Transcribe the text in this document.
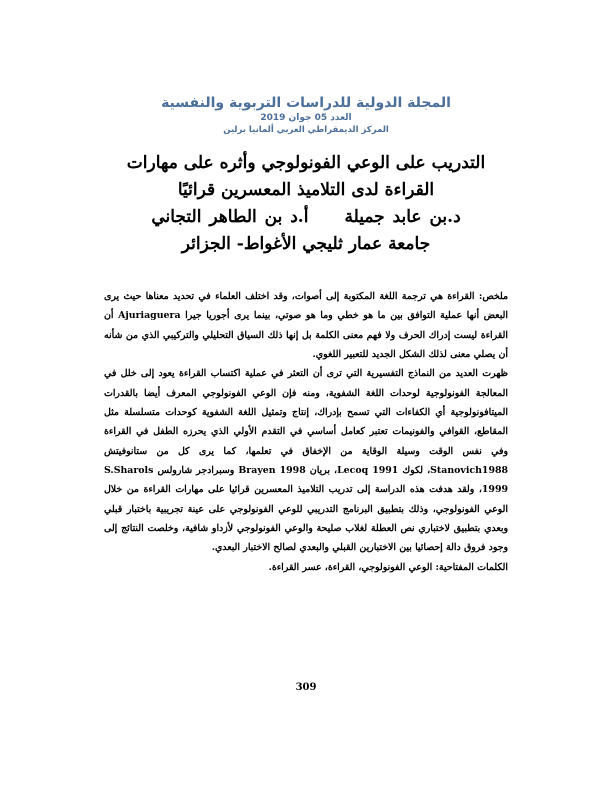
المجلة الدولية للدراسات التربوية والنفسية
العدد 05 جوان 2019
المركز الديمقراطي العربي ألمانيا برلين

التدريب على الوعي الفونولوجي وأثره على مهارات

القراءة لدى التلاميذ المعسرين قرائيًا

د.بن عابد جميلةأ.د بن الطاهر التجاني

جامعة عمار ثليجي الأغواط- الجزائر

ملخص: القراءة هي ترجمة اللغة المكتوبة إلى أصوات، وقد اختلف العلماء في تحديد معناها حيث يرى البعض أنها عملية التوافق بين ما هو خطي وما هو صوتي، بينما يرى أجوريا جيرا Ajuriaguera أن القراءة ليست إدراك الحرف ولا فهم معنى الكلمة بل إنها ذلك السياق التحليلي والتركيبي الذي من شأنه أن يصلي معنى لذلك الشكل الجديد للتعبير اللغوي.

ظهرت العديد من النماذج التفسيرية التي ترى أن التعثر في عملية اكتساب القراءة يعود إلى خلل في المعالجة الفونولوجية لوحدات اللغة الشفوية، ومنه فإن الوعي الفونولوجي المعرف أيضا بالقدرات الميتافونولوجية أي الكفاءات التي تسمح بإدراك، إنتاج وتمثيل اللغة الشفوية كوحدات متسلسلة مثل المقاطع، القوافي والفونيمات تعتبر كعامل أساسي في التقدم الأولي الذي يحرزه الطفل في القراءة وفي نفس الوقت وسيلة الوقاية من الإخفاق في تعلمها، كما يرى كل من ستانوفيتش Stanovich1988، لكوك Lecoq 1991، بريان Brayen 1998 وسبرادجر شارولس S.Sharols 1999، ولقد هدفت هذه الدراسة إلى تدريب التلاميذ المعسرين قرائيا على مهارات القراءة من خلال الوعي الفونولوجي، وذلك بتطبيق البرنامج التدريبي للوعي الفونولوجي على عينة تجريبية باختبار قبلي وبعدي بتطبيق لاختباري نص العطلة لغلاب صليحة والوعي الفونولوجي لأزداو شافية، وخلصت النتائج إلى وجود فروق دالة إحصائيا بين الاختبارين القبلي والبعدي لصالح الاختبار البعدي.

الكلمات المفتاحية: الوعي الفونولوجي، القراءة، عسر القراءة.

309
